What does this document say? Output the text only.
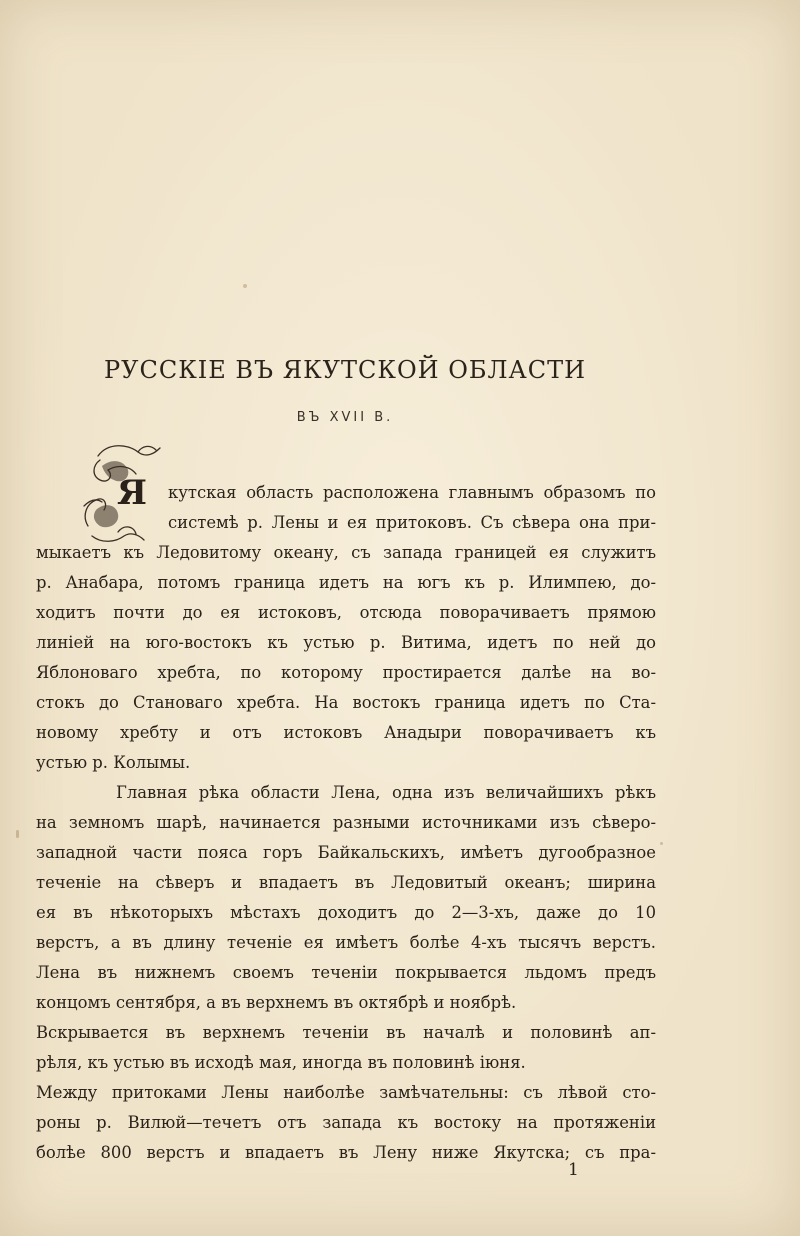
РУССКІЕ ВЪ ЯКУТСКОЙ ОБЛАСТИ
ВЪ XVII В.
Я кутская область расположена главнымъ образомъ по
системѣ р. Лены и ея притоковъ. Съ сѣвера она при-
мыкаетъ къ Ледовитому океану, съ запада границей ея служитъ
р. Анабара, потомъ граница идетъ на югъ къ р. Илимпею, до-
ходитъ почти до ея истоковъ, отсюда поворачиваетъ прямою
линіей на юго-востокъ къ устью р. Витима, идетъ по ней до
Яблоноваго хребта, по которому простирается далѣе на во-
стокъ до Становаго хребта. На востокъ граница идетъ по Ста-
новому хребту и отъ истоковъ Анадыри поворачиваетъ къ
устью р. Колымы.
Главная рѣка области Лена, одна изъ величайшихъ рѣкъ
на земномъ шарѣ, начинается разными источниками изъ сѣверо-
западной части пояса горъ Байкальскихъ, имѣетъ дугообразное
теченіе на сѣверъ и впадаетъ въ Ледовитый океанъ; ширина
ея въ нѣкоторыхъ мѣстахъ доходитъ до 2—3-хъ, даже до 10
верстъ, а въ длину теченіе ея имѣетъ болѣе 4-хъ тысячъ верстъ.
Лена въ нижнемъ своемъ теченіи покрывается льдомъ предъ
концомъ сентября, а въ верхнемъ въ октябрѣ и ноябрѣ.
Вскрывается въ верхнемъ теченіи въ началѣ и половинѣ ап-
рѣля, къ устью въ исходѣ мая, иногда въ половинѣ іюня.
Между притоками Лены наиболѣе замѣчательны: съ лѣвой сто-
роны р. Вилюй—течетъ отъ запада къ востоку на протяженіи
болѣе 800 верстъ и впадаетъ въ Лену ниже Якутска; съ пра-
1
